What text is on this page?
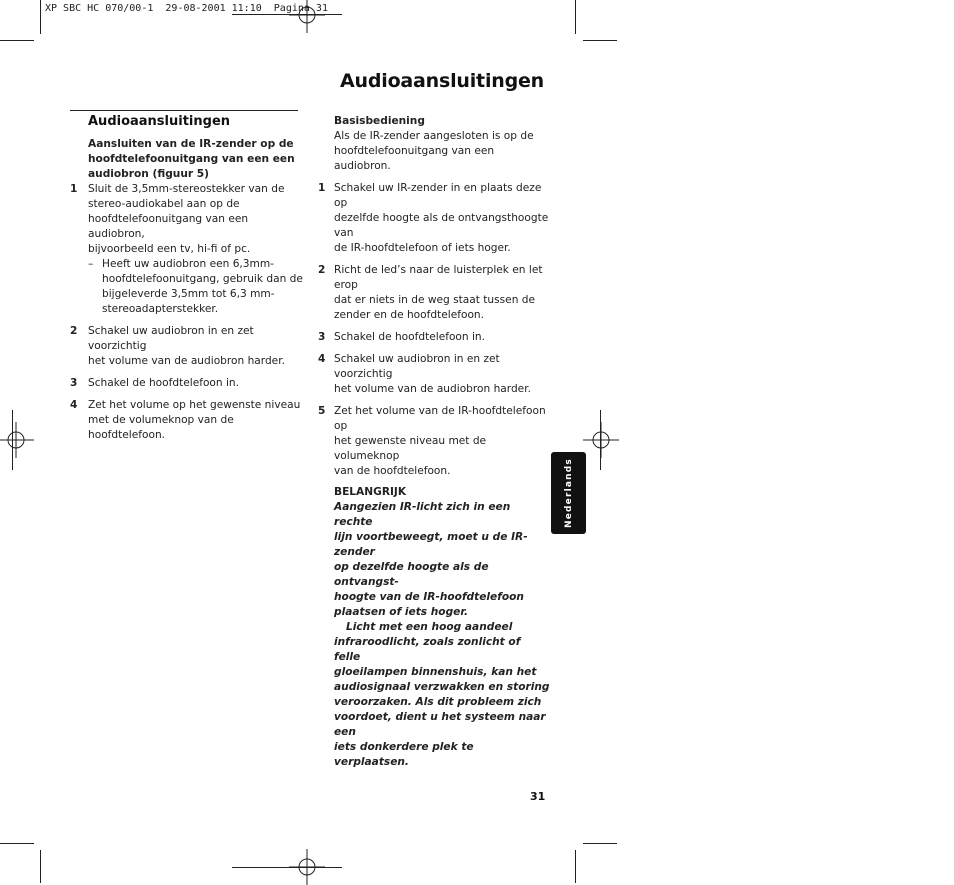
XP SBC HC 070/00-1  29-08-2001 11:10  Pagina 31
Audioaansluitingen
Audioaansluitingen
Aansluiten van de IR-zender op de
hoofdtelefoonuitgang van een een
audiobron (figuur 5)
1 Sluit de 3,5mm-stereostekker van de
stereo-audiokabel aan op de
hoofdtelefoonuitgang van een audiobron,
bijvoorbeeld een tv, hi-fi of pc.
– Heeft uw audiobron een 6,3mm-
hoofdtelefoonuitgang, gebruik dan de
bijgeleverde 3,5mm tot 6,3 mm-
stereoadapterstekker.
2 Schakel uw audiobron in en zet voorzichtig
het volume van de audiobron harder.
3 Schakel de hoofdtelefoon in.
4 Zet het volume op het gewenste niveau
met de volumeknop van de hoofdtelefoon.
Basisbediening
Als de IR-zender aangesloten is op de
hoofdtelefoonuitgang van een audiobron.
1 Schakel uw IR-zender in en plaats deze op
dezelfde hoogte als de ontvangsthoogte van
de IR-hoofdtelefoon of iets hoger.
2 Richt de led’s naar de luisterplek en let erop
dat er niets in de weg staat tussen de
zender en de hoofdtelefoon.
3 Schakel de hoofdtelefoon in.
4 Schakel uw audiobron in en zet voorzichtig
het volume van de audiobron harder.
5 Zet het volume van de IR-hoofdtelefoon op
het gewenste niveau met de volumeknop
van de hoofdtelefoon.
BELANGRIJK

Aangezien IR-licht zich in een rechte
lijn voortbeweegt, moet u de IR-zender
op dezelfde hoogte als de ontvangst-
hoogte van de IR-hoofdtelefoon
plaatsen of iets hoger.

Licht met een hoog aandeel
infraroodlicht, zoals zonlicht of felle
gloeilampen binnenshuis, kan het
audiosignaal verzwakken en storing
veroorzaken. Als dit probleem zich
voordoet, dient u het systeem naar een
iets donkerdere plek te verplaatsen.

Nederlands
31
